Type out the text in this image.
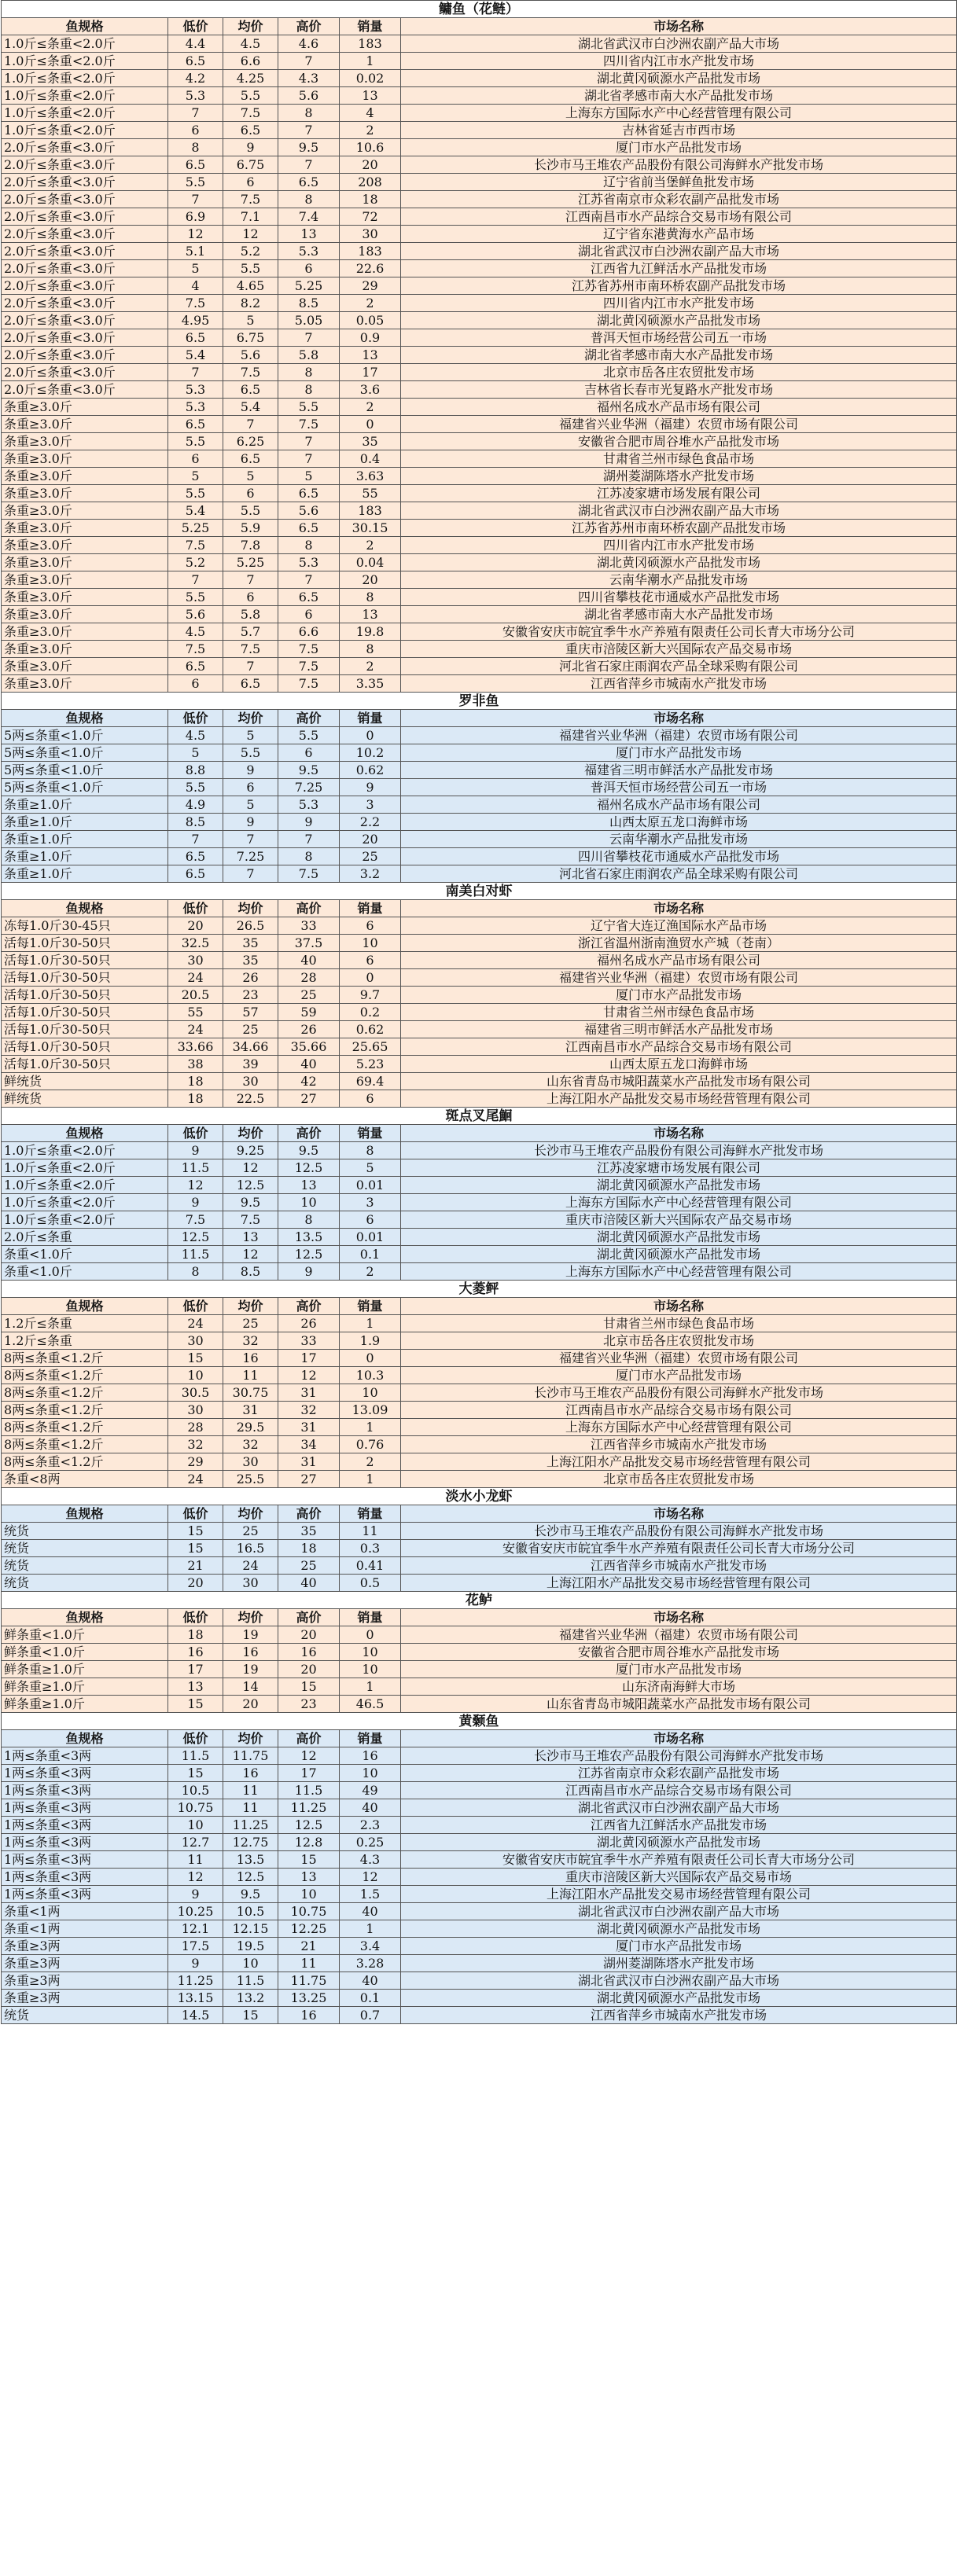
鳙鱼（花鲢）					
鱼规格	低价	均价	高价	销量	市场名称
1.0斤≤条重<2.0斤	4.4	4.5	4.6	183	湖北省武汉市白沙洲农副产品大市场
1.0斤≤条重<2.0斤	6.5	6.6	7	1	四川省内江市水产批发市场
1.0斤≤条重<2.0斤	4.2	4.25	4.3	0.02	湖北黄冈硕源水产品批发市场
1.0斤≤条重<2.0斤	5.3	5.5	5.6	13	湖北省孝感市南大水产品批发市场
1.0斤≤条重<2.0斤	7	7.5	8	4	上海东方国际水产中心经营管理有限公司
1.0斤≤条重<2.0斤	6	6.5	7	2	吉林省延吉市西市场
2.0斤≤条重<3.0斤	8	9	9.5	10.6	厦门市水产品批发市场
2.0斤≤条重<3.0斤	6.5	6.75	7	20	长沙市马王堆农产品股份有限公司海鲜水产批发市场
2.0斤≤条重<3.0斤	5.5	6	6.5	208	辽宁省前当堡鲜鱼批发市场
2.0斤≤条重<3.0斤	7	7.5	8	18	江苏省南京市众彩农副产品批发市场
2.0斤≤条重<3.0斤	6.9	7.1	7.4	72	江西南昌市水产品综合交易市场有限公司
2.0斤≤条重<3.0斤	12	12	13	30	辽宁省东港黄海水产品市场
2.0斤≤条重<3.0斤	5.1	5.2	5.3	183	湖北省武汉市白沙洲农副产品大市场
2.0斤≤条重<3.0斤	5	5.5	6	22.6	江西省九江鲜活水产品批发市场
2.0斤≤条重<3.0斤	4	4.65	5.25	29	江苏省苏州市南环桥农副产品批发市场
2.0斤≤条重<3.0斤	7.5	8.2	8.5	2	四川省内江市水产批发市场
2.0斤≤条重<3.0斤	4.95	5	5.05	0.05	湖北黄冈硕源水产品批发市场
2.0斤≤条重<3.0斤	6.5	6.75	7	0.9	普洱天恒市场经营公司五一市场
2.0斤≤条重<3.0斤	5.4	5.6	5.8	13	湖北省孝感市南大水产品批发市场
2.0斤≤条重<3.0斤	7	7.5	8	17	北京市岳各庄农贸批发市场
2.0斤≤条重<3.0斤	5.3	6.5	8	3.6	吉林省长春市光复路水产批发市场
条重≥3.0斤	5.3	5.4	5.5	2	福州名成水产品市场有限公司
条重≥3.0斤	6.5	7	7.5	0	福建省兴业华洲（福建）农贸市场有限公司
条重≥3.0斤	5.5	6.25	7	35	安徽省合肥市周谷堆水产品批发市场
条重≥3.0斤	6	6.5	7	0.4	甘肃省兰州市绿色食品市场
条重≥3.0斤	5	5	5	3.63	湖州菱湖陈塔水产批发市场
条重≥3.0斤	5.5	6	6.5	55	江苏凌家塘市场发展有限公司
条重≥3.0斤	5.4	5.5	5.6	183	湖北省武汉市白沙洲农副产品大市场
条重≥3.0斤	5.25	5.9	6.5	30.15	江苏省苏州市南环桥农副产品批发市场
条重≥3.0斤	7.5	7.8	8	2	四川省内江市水产批发市场
条重≥3.0斤	5.2	5.25	5.3	0.04	湖北黄冈硕源水产品批发市场
条重≥3.0斤	7	7	7	20	云南华潮水产品批发市场
条重≥3.0斤	5.5	6	6.5	8	四川省攀枝花市通威水产品批发市场
条重≥3.0斤	5.6	5.8	6	13	湖北省孝感市南大水产品批发市场
条重≥3.0斤	4.5	5.7	6.6	19.8	安徽省安庆市皖宜季牛水产养殖有限责任公司长青大市场分公司
条重≥3.0斤	7.5	7.5	7.5	8	重庆市涪陵区新大兴国际农产品交易市场
条重≥3.0斤	6.5	7	7.5	2	河北省石家庄雨润农产品全球采购有限公司
条重≥3.0斤	6	6.5	7.5	3.35	江西省萍乡市城南水产批发市场
罗非鱼					
鱼规格	低价	均价	高价	销量	市场名称
5两≤条重<1.0斤	4.5	5	5.5	0	福建省兴业华洲（福建）农贸市场有限公司
5两≤条重<1.0斤	5	5.5	6	10.2	厦门市水产品批发市场
5两≤条重<1.0斤	8.8	9	9.5	0.62	福建省三明市鲜活水产品批发市场
5两≤条重<1.0斤	5.5	6	7.25	9	普洱天恒市场经营公司五一市场
条重≥1.0斤	4.9	5	5.3	3	福州名成水产品市场有限公司
条重≥1.0斤	8.5	9	9	2.2	山西太原五龙口海鲜市场
条重≥1.0斤	7	7	7	20	云南华潮水产品批发市场
条重≥1.0斤	6.5	7.25	8	25	四川省攀枝花市通威水产品批发市场
条重≥1.0斤	6.5	7	7.5	3.2	河北省石家庄雨润农产品全球采购有限公司
南美白对虾					
鱼规格	低价	均价	高价	销量	市场名称
冻每1.0斤30-45只	20	26.5	33	6	辽宁省大连辽渔国际水产品市场
活每1.0斤30-50只	32.5	35	37.5	10	浙江省温州浙南渔贸水产城（苍南）
活每1.0斤30-50只	30	35	40	6	福州名成水产品市场有限公司
活每1.0斤30-50只	24	26	28	0	福建省兴业华洲（福建）农贸市场有限公司
活每1.0斤30-50只	20.5	23	25	9.7	厦门市水产品批发市场
活每1.0斤30-50只	55	57	59	0.2	甘肃省兰州市绿色食品市场
活每1.0斤30-50只	24	25	26	0.62	福建省三明市鲜活水产品批发市场
活每1.0斤30-50只	33.66	34.66	35.66	25.65	江西南昌市水产品综合交易市场有限公司
活每1.0斤30-50只	38	39	40	5.23	山西太原五龙口海鲜市场
鲜统货	18	30	42	69.4	山东省青岛市城阳蔬菜水产品批发市场有限公司
鲜统货	18	22.5	27	6	上海江阳水产品批发交易市场经营管理有限公司
斑点叉尾鮰					
鱼规格	低价	均价	高价	销量	市场名称
1.0斤≤条重<2.0斤	9	9.25	9.5	8	长沙市马王堆农产品股份有限公司海鲜水产批发市场
1.0斤≤条重<2.0斤	11.5	12	12.5	5	江苏凌家塘市场发展有限公司
1.0斤≤条重<2.0斤	12	12.5	13	0.01	湖北黄冈硕源水产品批发市场
1.0斤≤条重<2.0斤	9	9.5	10	3	上海东方国际水产中心经营管理有限公司
1.0斤≤条重<2.0斤	7.5	7.5	8	6	重庆市涪陵区新大兴国际农产品交易市场
2.0斤≤条重	12.5	13	13.5	0.01	湖北黄冈硕源水产品批发市场
条重<1.0斤	11.5	12	12.5	0.1	湖北黄冈硕源水产品批发市场
条重<1.0斤	8	8.5	9	2	上海东方国际水产中心经营管理有限公司
大菱鲆					
鱼规格	低价	均价	高价	销量	市场名称
1.2斤≤条重	24	25	26	1	甘肃省兰州市绿色食品市场
1.2斤≤条重	30	32	33	1.9	北京市岳各庄农贸批发市场
8两≤条重<1.2斤	15	16	17	0	福建省兴业华洲（福建）农贸市场有限公司
8两≤条重<1.2斤	10	11	12	10.3	厦门市水产品批发市场
8两≤条重<1.2斤	30.5	30.75	31	10	长沙市马王堆农产品股份有限公司海鲜水产批发市场
8两≤条重<1.2斤	30	31	32	13.09	江西南昌市水产品综合交易市场有限公司
8两≤条重<1.2斤	28	29.5	31	1	上海东方国际水产中心经营管理有限公司
8两≤条重<1.2斤	32	32	34	0.76	江西省萍乡市城南水产批发市场
8两≤条重<1.2斤	29	30	31	2	上海江阳水产品批发交易市场经营管理有限公司
条重<8两	24	25.5	27	1	北京市岳各庄农贸批发市场
淡水小龙虾					
鱼规格	低价	均价	高价	销量	市场名称
统货	15	25	35	11	长沙市马王堆农产品股份有限公司海鲜水产批发市场
统货	15	16.5	18	0.3	安徽省安庆市皖宜季牛水产养殖有限责任公司长青大市场分公司
统货	21	24	25	0.41	江西省萍乡市城南水产批发市场
统货	20	30	40	0.5	上海江阳水产品批发交易市场经营管理有限公司
花鲈					
鱼规格	低价	均价	高价	销量	市场名称
鲜条重<1.0斤	18	19	20	0	福建省兴业华洲（福建）农贸市场有限公司
鲜条重<1.0斤	16	16	16	10	安徽省合肥市周谷堆水产品批发市场
鲜条重≥1.0斤	17	19	20	10	厦门市水产品批发市场
鲜条重≥1.0斤	13	14	15	1	山东济南海鲜大市场
鲜条重≥1.0斤	15	20	23	46.5	山东省青岛市城阳蔬菜水产品批发市场有限公司
黄颡鱼					
鱼规格	低价	均价	高价	销量	市场名称
1两≤条重<3两	11.5	11.75	12	16	长沙市马王堆农产品股份有限公司海鲜水产批发市场
1两≤条重<3两	15	16	17	10	江苏省南京市众彩农副产品批发市场
1两≤条重<3两	10.5	11	11.5	49	江西南昌市水产品综合交易市场有限公司
1两≤条重<3两	10.75	11	11.25	40	湖北省武汉市白沙洲农副产品大市场
1两≤条重<3两	10	11.25	12.5	2.3	江西省九江鲜活水产品批发市场
1两≤条重<3两	12.7	12.75	12.8	0.25	湖北黄冈硕源水产品批发市场
1两≤条重<3两	11	13.5	15	4.3	安徽省安庆市皖宜季牛水产养殖有限责任公司长青大市场分公司
1两≤条重<3两	12	12.5	13	12	重庆市涪陵区新大兴国际农产品交易市场
1两≤条重<3两	9	9.5	10	1.5	上海江阳水产品批发交易市场经营管理有限公司
条重<1两	10.25	10.5	10.75	40	湖北省武汉市白沙洲农副产品大市场
条重<1两	12.1	12.15	12.25	1	湖北黄冈硕源水产品批发市场
条重≥3两	17.5	19.5	21	3.4	厦门市水产品批发市场
条重≥3两	9	10	11	3.28	湖州菱湖陈塔水产批发市场
条重≥3两	11.25	11.5	11.75	40	湖北省武汉市白沙洲农副产品大市场
条重≥3两	13.15	13.2	13.25	0.1	湖北黄冈硕源水产品批发市场
统货	14.5	15	16	0.7	江西省萍乡市城南水产批发市场
